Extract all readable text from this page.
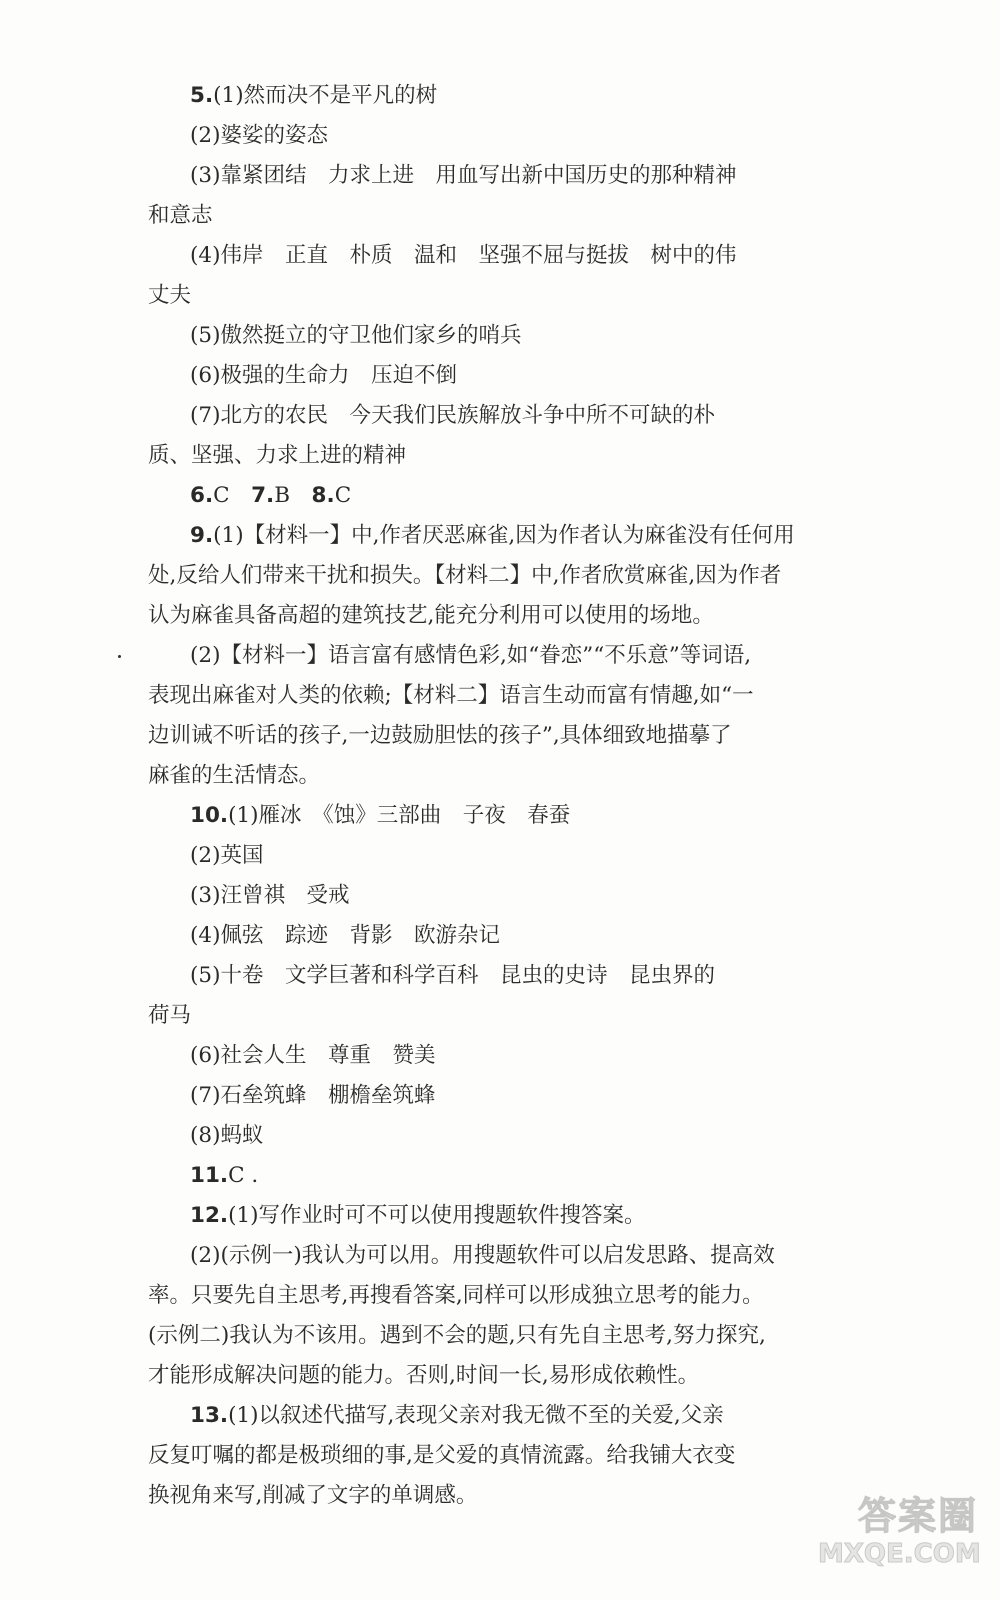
5.(1)然而决不是平凡的树
(2)婆娑的姿态
(3)靠紧团结　力求上进　用血写出新中国历史的那种精神
和意志
(4)伟岸　正直　朴质　温和　坚强不屈与挺拔　树中的伟
丈夫
(5)傲然挺立的守卫他们家乡的哨兵
(6)极强的生命力　压迫不倒
(7)北方的农民　今天我们民族解放斗争中所不可缺的朴
质、坚强、力求上进的精神
6.C　7.B　8.C
9.(1)【材料一】中,作者厌恶麻雀,因为作者认为麻雀没有任何用
处,反给人们带来干扰和损失。【材料二】中,作者欣赏麻雀,因为作者
认为麻雀具备高超的建筑技艺,能充分利用可以使用的场地。
(2)【材料一】语言富有感情色彩,如“眷恋”“不乐意”等词语,
表现出麻雀对人类的依赖;【材料二】语言生动而富有情趣,如“一
边训诫不听话的孩子,一边鼓励胆怯的孩子”,具体细致地描摹了
麻雀的生活情态。
10.(1)雁冰　《蚀》三部曲　子夜　春蚕
(2)英国
(3)汪曾祺　受戒
(4)佩弦　踪迹　背影　欧游杂记
(5)十卷　文学巨著和科学百科　昆虫的史诗　昆虫界的
荷马
(6)社会人生　尊重　赞美
(7)石垒筑蜂　棚檐垒筑蜂
(8)蚂蚁
11.C .
12.(1)写作业时可不可以使用搜题软件搜答案。
(2)(示例一)我认为可以用。用搜题软件可以启发思路、提高效
率。只要先自主思考,再搜看答案,同样可以形成独立思考的能力。
(示例二)我认为不该用。遇到不会的题,只有先自主思考,努力探究,
才能形成解决问题的能力。否则,时间一长,易形成依赖性。
13.(1)以叙述代描写,表现父亲对我无微不至的关爱,父亲
反复叮嘱的都是极琐细的事,是父爱的真情流露。给我铺大衣变
换视角来写,削减了文字的单调感。	答案圈
MXQE.COM
